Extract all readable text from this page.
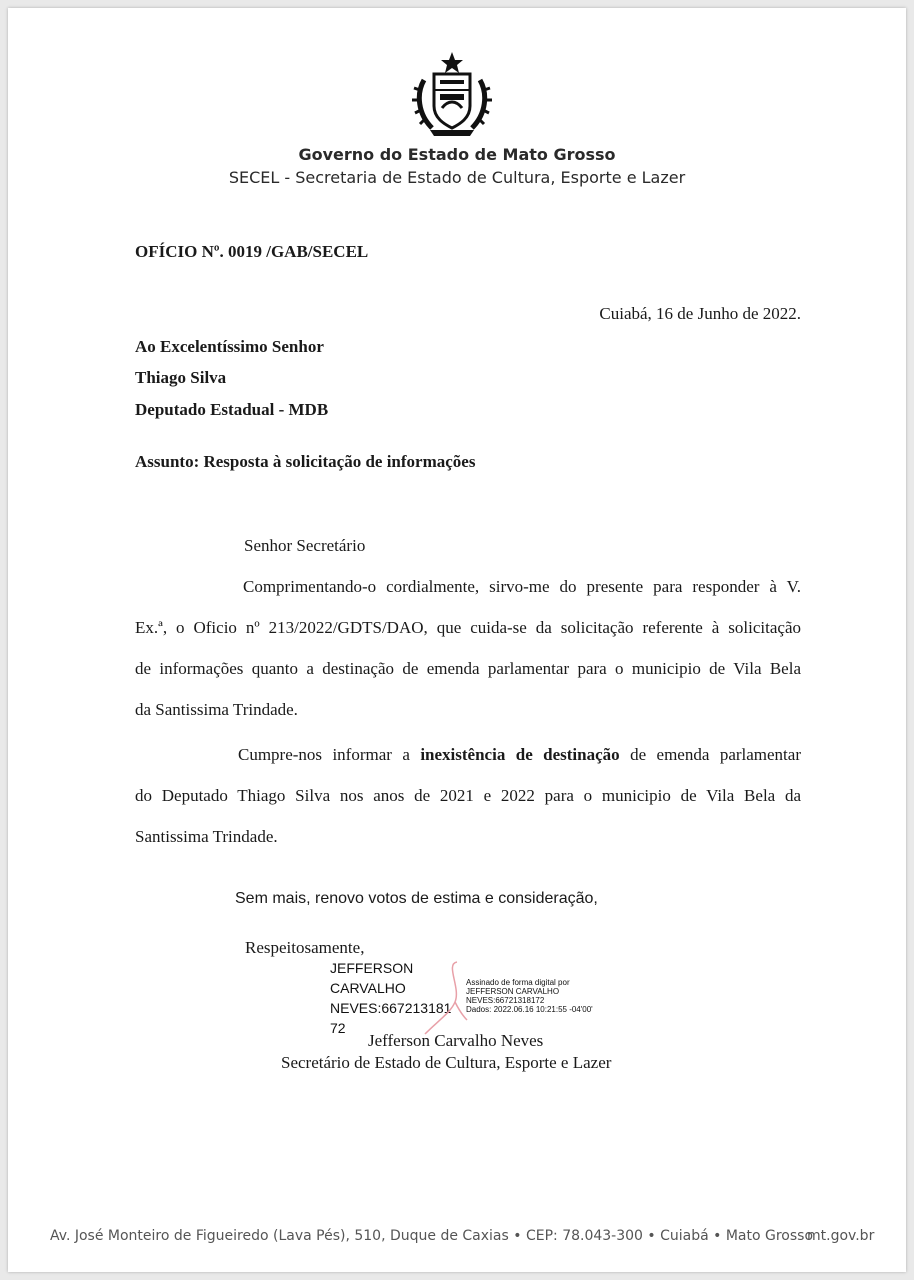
Governo do Estado de Mato Grosso
SECEL - Secretaria de Estado de Cultura, Esporte e Lazer
OFÍCIO Nº. 0019 /GAB/SECEL
Cuiabá, 16 de Junho de 2022.
Ao Excelentíssimo Senhor
Thiago Silva
Deputado Estadual - MDB
Assunto: Resposta à solicitação de informações
Senhor Secretário
Comprimentando-o cordialmente, sirvo-me do presente para responder à V.
Ex.ª, o Oficio nº 213/2022/GDTS/DAO, que cuida-se da solicitação referente à solicitação
de informações quanto a destinação de emenda parlamentar para o municipio de Vila Bela
da Santissima Trindade.
Cumpre-nos informar a inexistência de destinação de emenda parlamentar
do Deputado Thiago Silva nos anos de 2021 e 2022 para o municipio de Vila Bela da
Santissima Trindade.
Sem mais, renovo votos de estima e consideração,
Respeitosamente,
JEFFERSON
CARVALHO
NEVES:667213181
72
Assinado de forma digital por
JEFFERSON CARVALHO
NEVES:66721318172
Dados: 2022.06.16 10:21:55 -04'00'
Jefferson Carvalho Neves
Secretário de Estado de Cultura, Esporte e Lazer
Av. José Monteiro de Figueiredo (Lava Pés), 510, Duque de Caxias • CEP: 78.043-300 • Cuiabá • Mato Grosso
mt.gov.br
